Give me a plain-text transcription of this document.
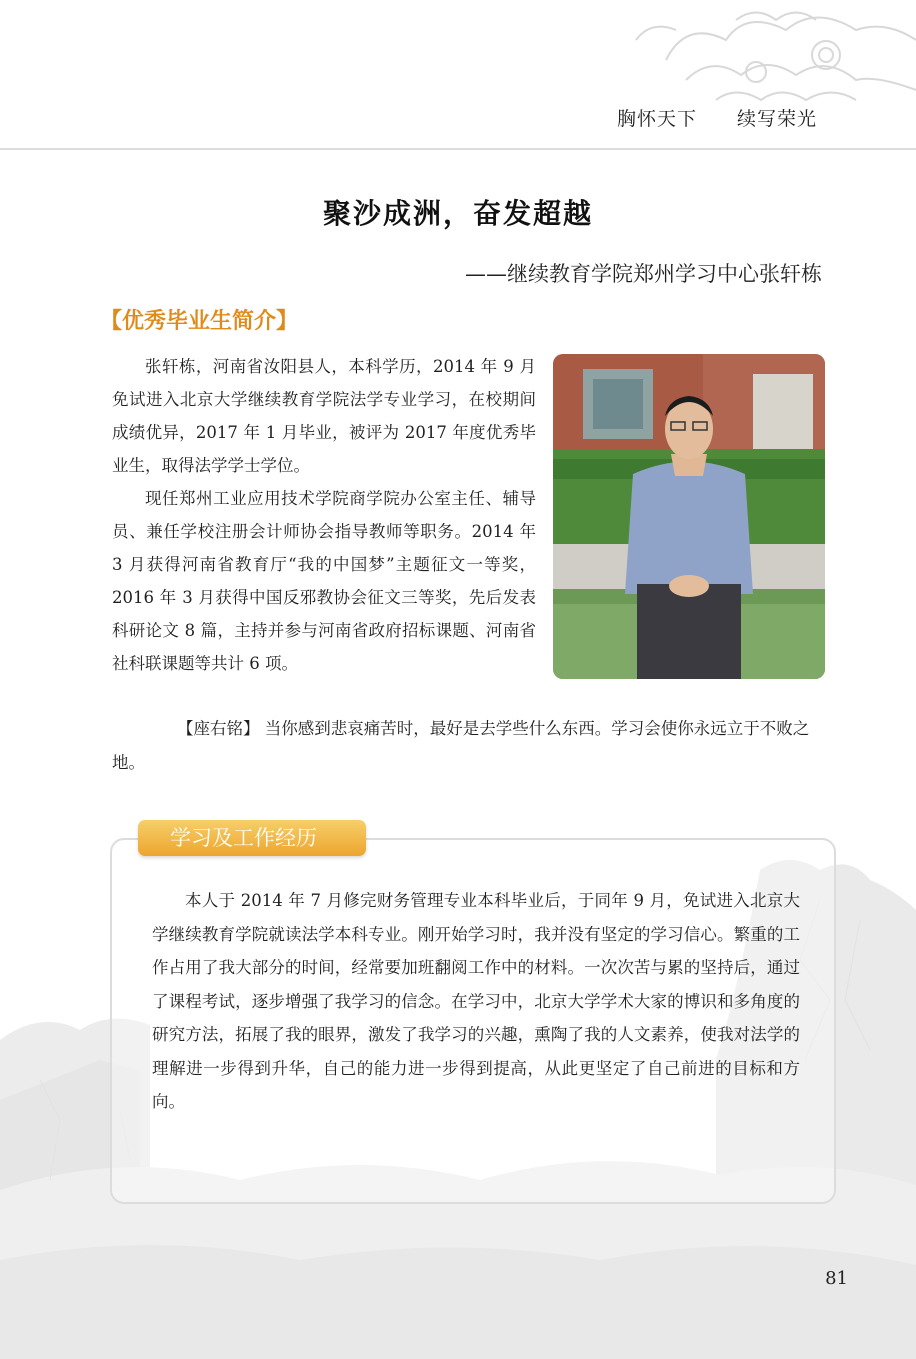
胸怀天下 续写荣光
聚沙成洲，奋发超越
——继续教育学院郑州学习中心张轩栋
【优秀毕业生简介】

张轩栋，河南省汝阳县人，本科学历，2014 年 9 月免试进入北京大学继续教育学院法学专业学习，在校期间成绩优异，2017 年 1 月毕业，被评为 2017 年度优秀毕业生，取得法学学士学位。

现任郑州工业应用技术学院商学院办公室主任、辅导员、兼任学校注册会计师协会指导教师等职务。2014 年 3 月获得河南省教育厅“我的中国梦”主题征文一等奖，2016 年 3 月获得中国反邪教协会征文三等奖，先后发表科研论文 8 篇，主持并参与河南省政府招标课题、河南省社科联课题等共计 6 项。

【座右铭】 当你感到悲哀痛苦时，最好是去学些什么东西。学习会使你永远立于不败之地。
学习及工作经历

本人于 2014 年 7 月修完财务管理专业本科毕业后，于同年 9 月，免试进入北京大学继续教育学院就读法学本科专业。刚开始学习时，我并没有坚定的学习信心。繁重的工作占用了我大部分的时间，经常要加班翻阅工作中的材料。一次次苦与累的坚持后，通过了课程考试，逐步增强了我学习的信念。在学习中，北京大学学术大家的博识和多角度的研究方法，拓展了我的眼界，激发了我学习的兴趣，熏陶了我的人文素养，使我对法学的理解进一步得到升华，自己的能力进一步得到提高，从此更坚定了自己前进的目标和方向。

81
